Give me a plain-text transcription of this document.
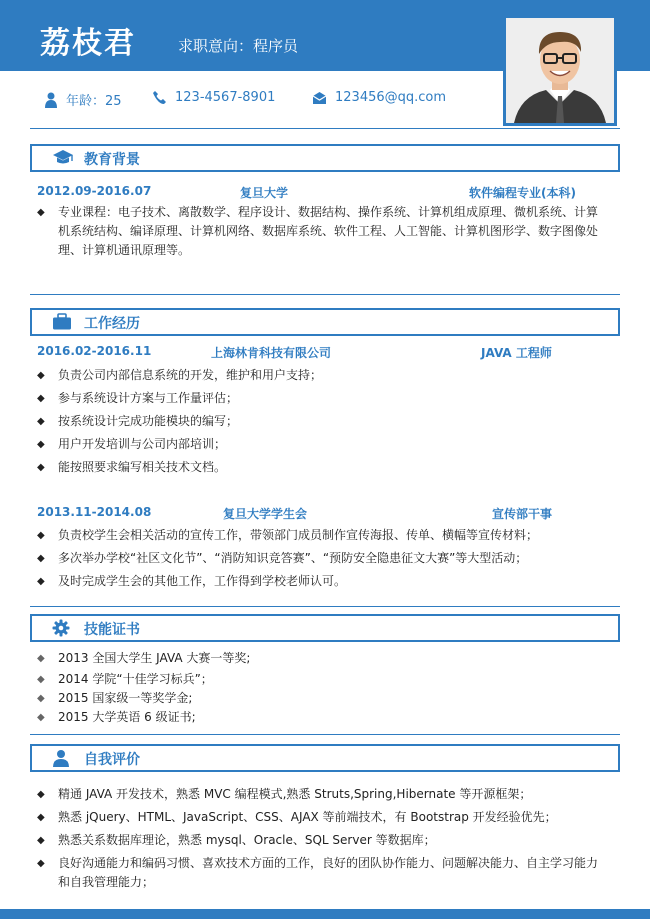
荔枝君	求职意向：程序员
年龄：25	123-4567-8901	123456@qq.com
教育背景
2012.09-2016.07	复旦大学	软件编程专业(本科)
◆ 专业课程：电子技术、离散数学、程序设计、数据结构、操作系统、计算机组成原理、微机系统、计算机系统结构、编译原理、计算机网络、数据库系统、软件工程、人工智能、计算机图形学、数字图像处理、计算机通讯原理等。
工作经历
2016.02-2016.11	上海林肯科技有限公司	JAVA 工程师
◆ 负责公司内部信息系统的开发，维护和用户支持；
◆ 参与系统设计方案与工作量评估；
◆ 按系统设计完成功能模块的编写；
◆ 用户开发培训与公司内部培训；
◆ 能按照要求编写相关技术文档。
2013.11-2014.08	复旦大学学生会	宣传部干事
◆ 负责校学生会相关活动的宣传工作，带领部门成员制作宣传海报、传单、横幅等宣传材料；
◆ 多次举办学校“社区文化节”、“消防知识竞答赛”、“预防安全隐患征文大赛”等大型活动；
◆ 及时完成学生会的其他工作，工作得到学校老师认可。
技能证书
◆ 2013 全国大学生 JAVA 大赛一等奖;
◆ 2014 学院“十佳学习标兵”；
◆ 2015 国家级一等奖学金;
◆ 2015 大学英语 6 级证书;
自我评价
◆ 精通 JAVA 开发技术，熟悉 MVC 编程模式,熟悉 Struts,Spring,Hibernate 等开源框架；
◆ 熟悉 jQuery、HTML、JavaScript、CSS、AJAX 等前端技术，有 Bootstrap 开发经验优先；
◆ 熟悉关系数据库理论，熟悉 mysql、Oracle、SQL Server 等数据库；
◆ 良好沟通能力和编码习惯、喜欢技术方面的工作，良好的团队协作能力、问题解决能力、自主学习能力和自我管理能力；
